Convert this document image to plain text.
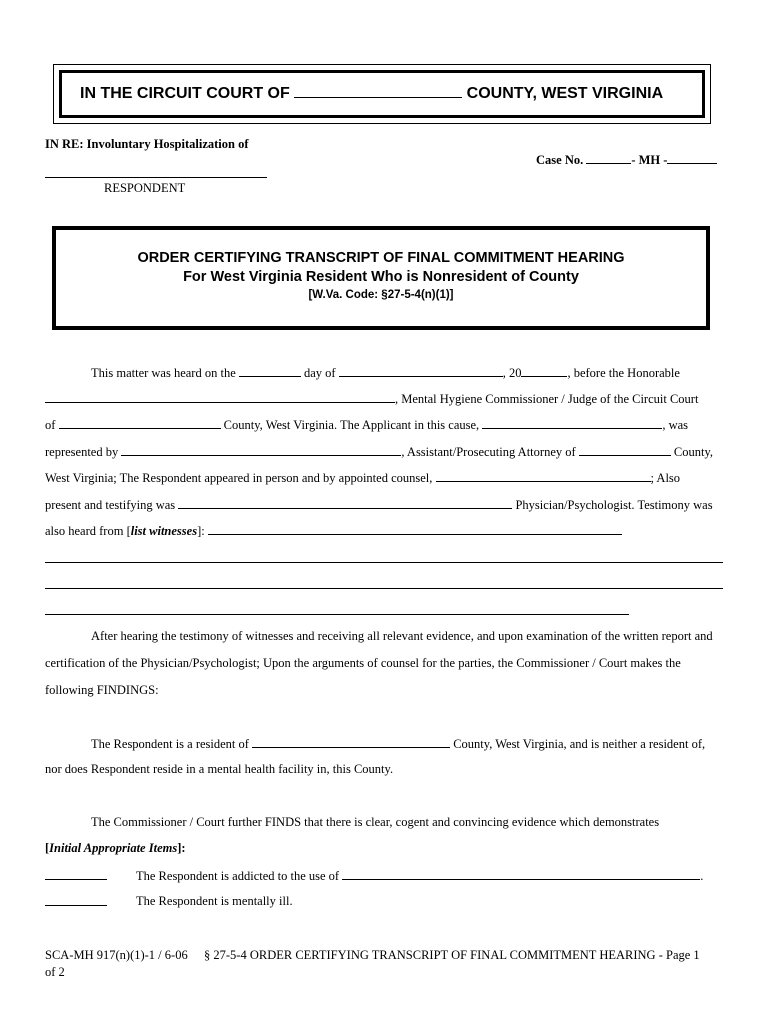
IN THE CIRCUIT COURT OF	COUNTY, WEST VIRGINIA
IN RE: Involuntary Hospitalization of
Case No.	- MH -
RESPONDENT
ORDER CERTIFYING TRANSCRIPT OF FINAL COMMITMENT HEARING
For West Virginia Resident Who is Nonresident of County
[W.Va. Code: §27-5-4(n)(1)]
This matter was heard on the	day of	, 20	, before the Honorable
, Mental Hygiene Commissioner / Judge of the Circuit Court
of	County, West Virginia. The Applicant in this cause,	, was
represented by	, Assistant/Prosecuting Attorney of	County,
West Virginia; The Respondent appeared in person and by appointed counsel,	; Also
present and testifying was	Physician/Psychologist. Testimony was
also heard from [list witnesses]:
After hearing the testimony of witnesses and receiving all relevant evidence, and upon examination of the written report and
certification of the Physician/Psychologist; Upon the arguments of counsel for the parties, the Commissioner / Court makes the
following FINDINGS:
The Respondent is a resident of	County, West Virginia, and is neither a resident of,
nor does Respondent reside in a mental health facility in, this County.
The Commissioner / Court further FINDS that there is clear, cogent and convincing evidence which demonstrates
[Initial Appropriate Items]:
The Respondent is addicted to the use of	.
The Respondent is mentally ill.
SCA-MH 917(n)(1)-1 / 6-06 § 27-5-4 ORDER CERTIFYING TRANSCRIPT OF FINAL COMMITMENT HEARING - Page 1
of 2
